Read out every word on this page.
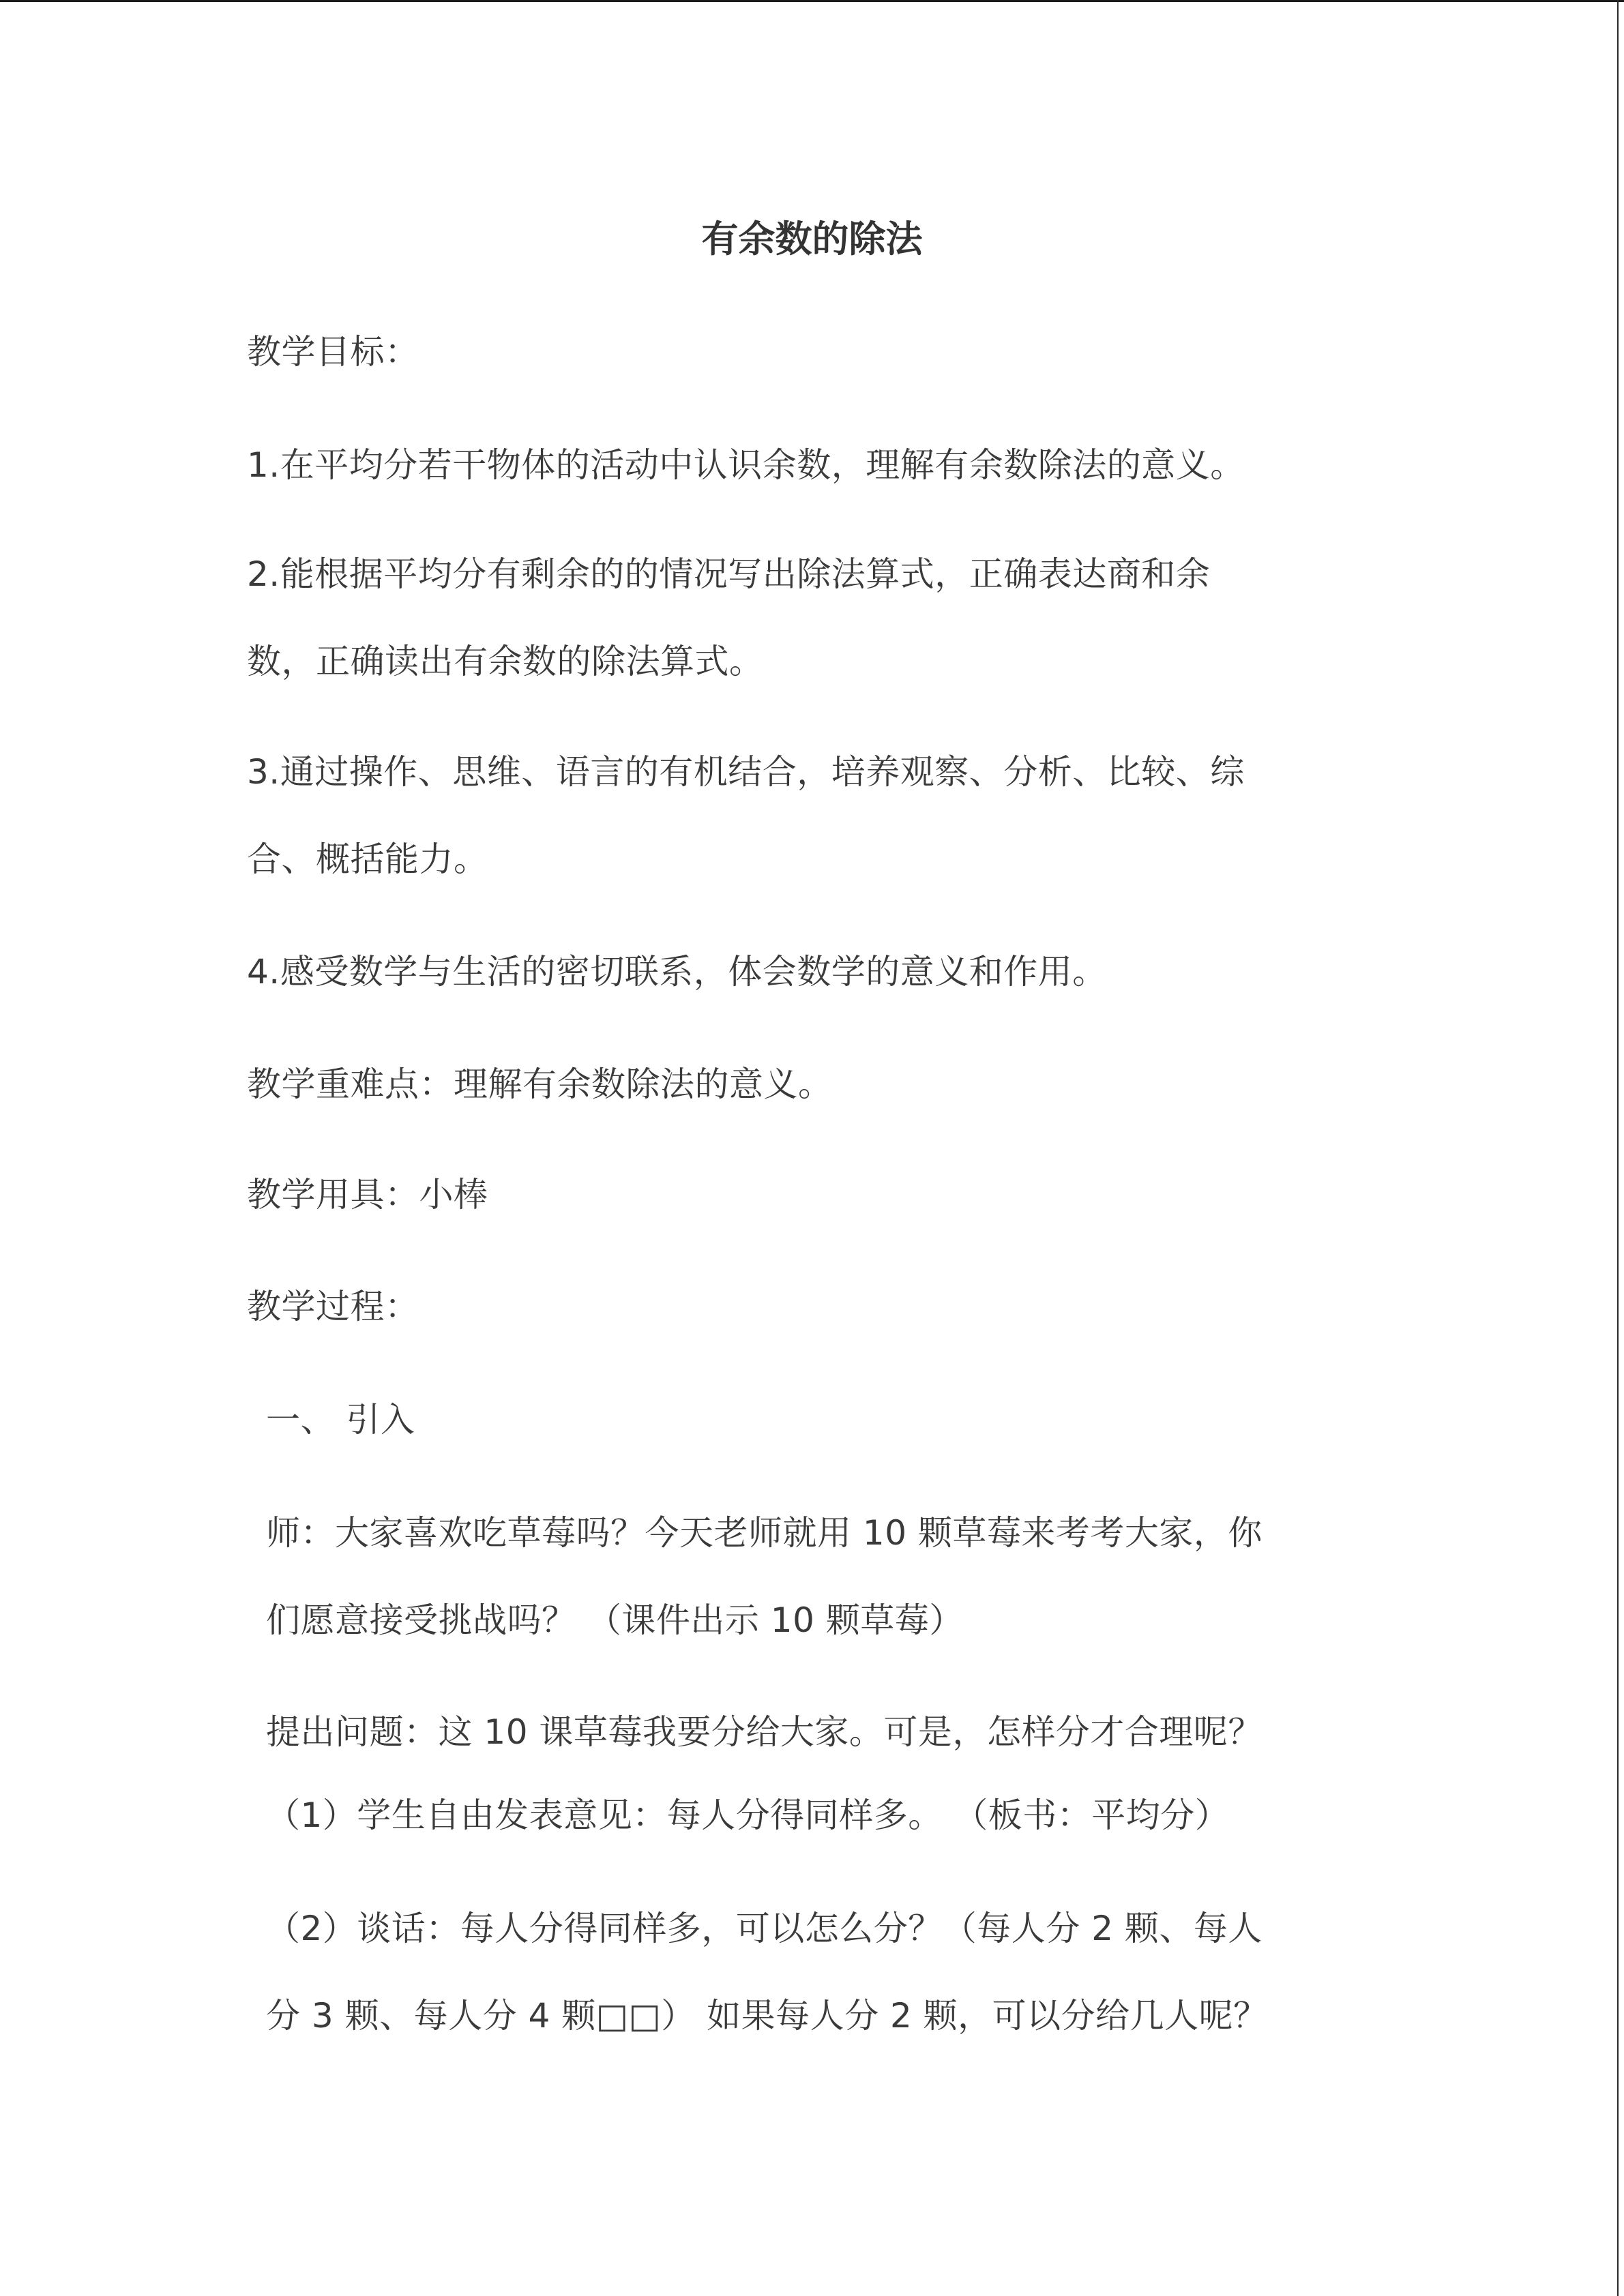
有余数的除法
教学目标：
1.在平均分若干物体的活动中认识余数，理解有余数除法的意义。
2.能根据平均分有剩余的的情况写出除法算式，正确表达商和余
数，正确读出有余数的除法算式。
3.通过操作、思维、语言的有机结合，培养观察、分析、比较、综
合、概括能力。
4.感受数学与生活的密切联系，体会数学的意义和作用。
教学重难点：理解有余数除法的意义。
教学用具：小棒
教学过程：
一、 引入
师：大家喜欢吃草莓吗？今天老师就用 10 颗草莓来考考大家，你
们愿意接受挑战吗？ （课件出示 10 颗草莓）
提出问题：这 10 课草莓我要分给大家。可是，怎样分才合理呢？
（1）学生自由发表意见：每人分得同样多。 （板书：平均分）
（2）谈话：每人分得同样多，可以怎么分？（每人分 2 颗、每人
分 3 颗、每人分 4 颗□□） 如果每人分 2 颗，可以分给几人呢？
